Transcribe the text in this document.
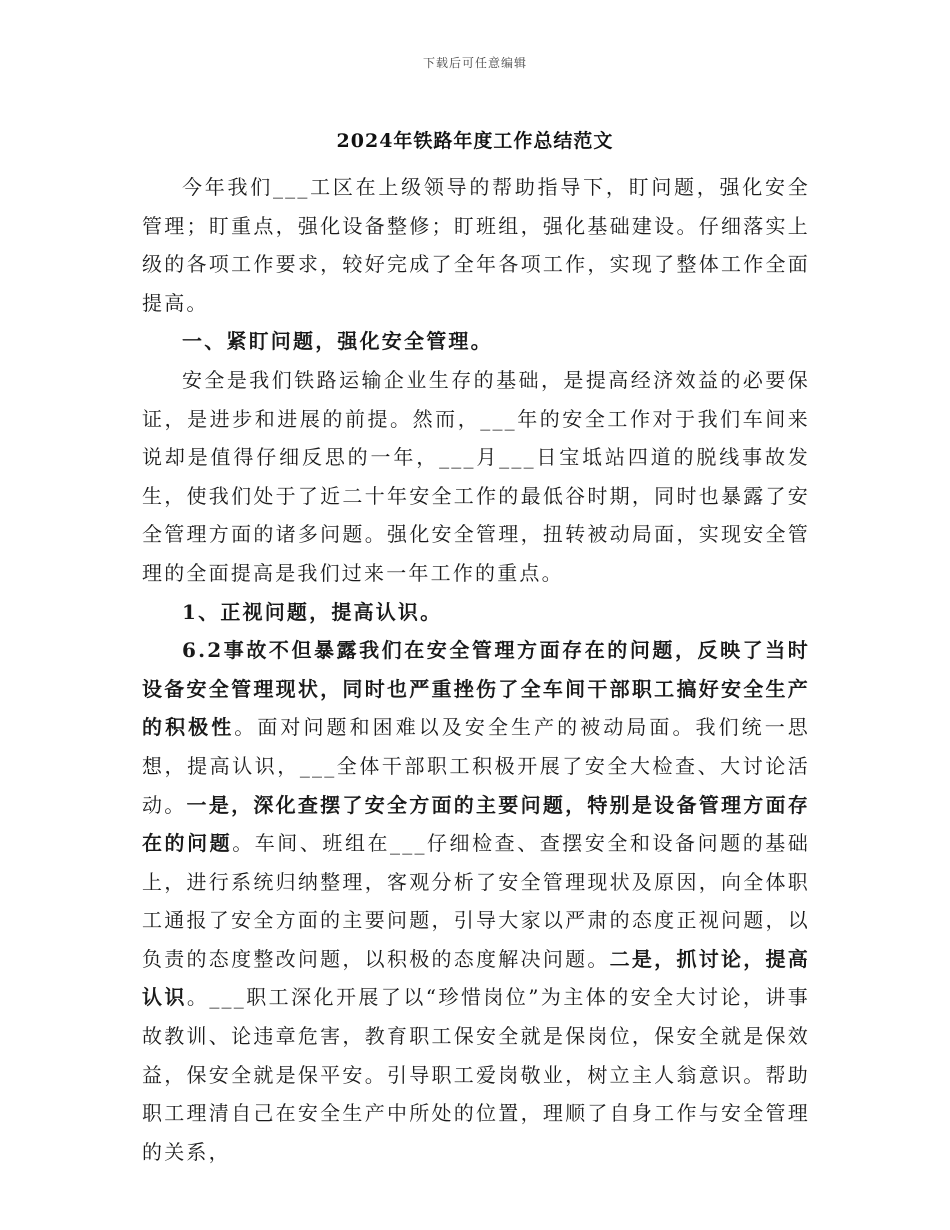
下载后可任意编辑
2024年铁路年度工作总结范文

今年我们___工区在上级领导的帮助指导下，盯问题，强化安全管理；盯重点，强化设备整修；盯班组，强化基础建设。仔细落实上级的各项工作要求，较好完成了全年各项工作，实现了整体工作全面提高。

一、紧盯问题，强化安全管理。

安全是我们铁路运输企业生存的基础，是提高经济效益的必要保证，是进步和进展的前提。然而，___年的安全工作对于我们车间来说却是值得仔细反思的一年，___月___日宝坻站四道的脱线事故发生，使我们处于了近二十年安全工作的最低谷时期，同时也暴露了安全管理方面的诸多问题。强化安全管理，扭转被动局面，实现安全管理的全面提高是我们过来一年工作的重点。

1、正视问题，提高认识。

6.2事故不但暴露我们在安全管理方面存在的问题，反映了当时设备安全管理现状，同时也严重挫伤了全车间干部职工搞好安全生产的积极性。面对问题和困难以及安全生产的被动局面。我们统一思想，提高认识，___全体干部职工积极开展了安全大检查、大讨论活动。一是，深化查摆了安全方面的主要问题，特别是设备管理方面存在的问题。车间、班组在___仔细检查、查摆安全和设备问题的基础上，进行系统归纳整理，客观分析了安全管理现状及原因，向全体职工通报了安全方面的主要问题，引导大家以严肃的态度正视问题，以负责的态度整改问题，以积极的态度解决问题。二是，抓讨论，提高认识。___职工深化开展了以“珍惜岗位”为主体的安全大讨论，讲事故教训、论违章危害，教育职工保安全就是保岗位，保安全就是保效益，保安全就是保平安。引导职工爱岗敬业，树立主人翁意识。帮助职工理清自己在安全生产中所处的位置，理顺了自身工作与安全管理的关系，
